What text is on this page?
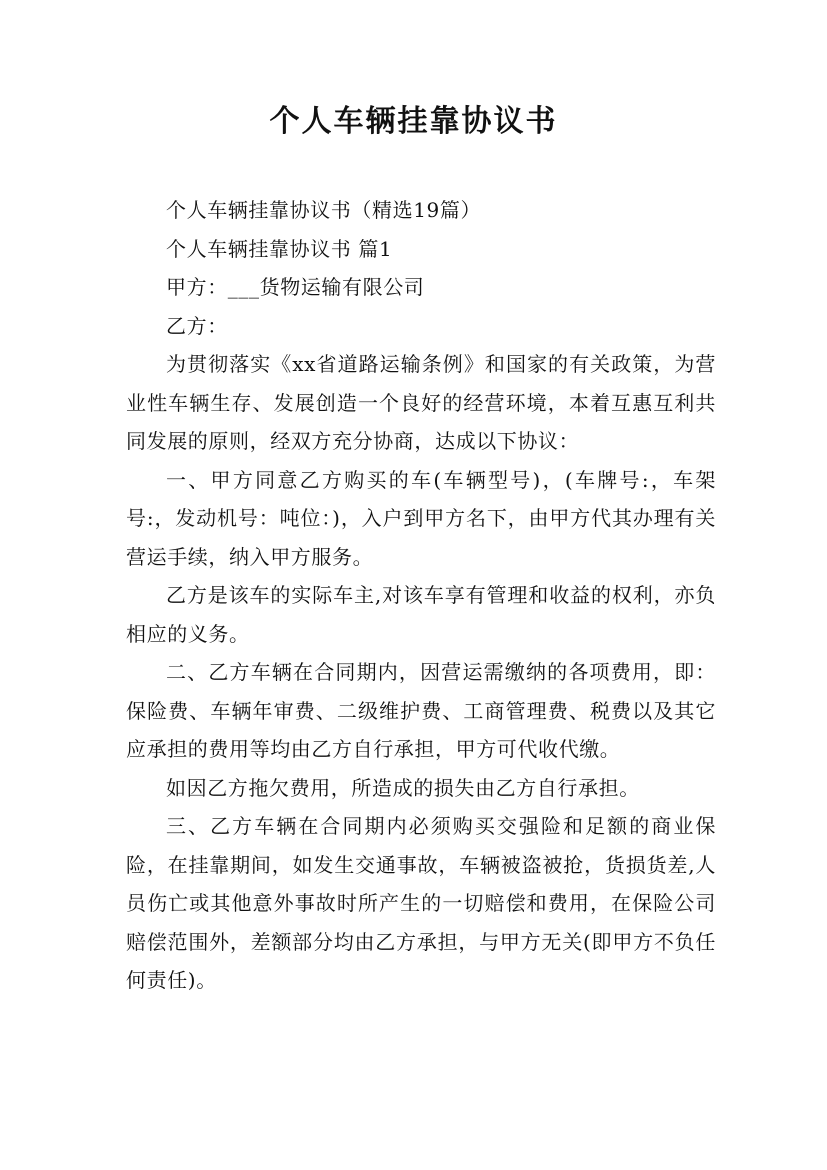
个人车辆挂靠协议书

个人车辆挂靠协议书（精选19篇）

个人车辆挂靠协议书 篇1

甲方：___货物运输有限公司

乙方：

为贯彻落实《xx省道路运输条例》和国家的有关政策，为营业性车辆生存、发展创造一个良好的经营环境，本着互惠互利共同发展的原则，经双方充分协商，达成以下协议：

一、甲方同意乙方购买的车(车辆型号)，(车牌号:，车架号:，发动机号：吨位：)，入户到甲方名下，由甲方代其办理有关营运手续，纳入甲方服务。

乙方是该车的实际车主,对该车享有管理和收益的权利，亦负相应的义务。

二、乙方车辆在合同期内，因营运需缴纳的各项费用，即：保险费、车辆年审费、二级维护费、工商管理费、税费以及其它应承担的费用等均由乙方自行承担，甲方可代收代缴。

如因乙方拖欠费用，所造成的损失由乙方自行承担。

三、乙方车辆在合同期内必须购买交强险和足额的商业保险，在挂靠期间，如发生交通事故，车辆被盗被抢，货损货差,人员伤亡或其他意外事故时所产生的一切赔偿和费用，在保险公司赔偿范围外，差额部分均由乙方承担，与甲方无关(即甲方不负任何责任)。
